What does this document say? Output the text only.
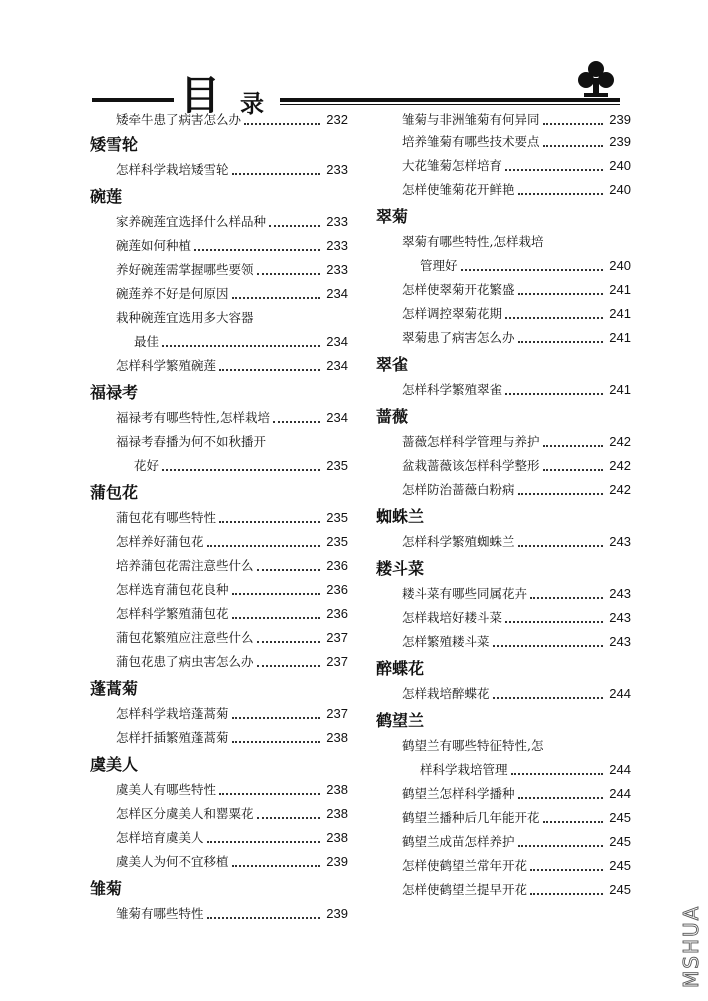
目 录
矮牵牛患了病害怎么办	232
矮雪轮
怎样科学栽培矮雪轮	233
碗莲
家养碗莲宜选择什么样品种	233
碗莲如何种植	233
养好碗莲需掌握哪些要领	233
碗莲养不好是何原因	234
栽种碗莲宜选用多大容器
最佳	234
怎样科学繁殖碗莲	234
福禄考
福禄考有哪些特性,怎样栽培	234
福禄考春播为何不如秋播开
花好	235
蒲包花
蒲包花有哪些特性	235
怎样养好蒲包花	235
培养蒲包花需注意些什么	236
怎样选育蒲包花良种	236
怎样科学繁殖蒲包花	236
蒲包花繁殖应注意些什么	237
蒲包花患了病虫害怎么办	237
蓬蒿菊
怎样科学栽培蓬蒿菊	237
怎样扦插繁殖蓬蒿菊	238
虞美人
虞美人有哪些特性	238
怎样区分虞美人和罂粟花	238
怎样培育虞美人	238
虞美人为何不宜移植	239
雏菊
雏菊有哪些特性	239
雏菊与非洲雏菊有何异同	239
培养雏菊有哪些技术要点	239
大花雏菊怎样培育	240
怎样使雏菊花开鲜艳	240
翠菊
翠菊有哪些特性,怎样栽培
管理好	240
怎样使翠菊开花繁盛	241
怎样调控翠菊花期	241
翠菊患了病害怎么办	241
翠雀
怎样科学繁殖翠雀	241
蔷薇
蔷薇怎样科学管理与养护	242
盆栽蔷薇该怎样科学整形	242
怎样防治蔷薇白粉病	242
蜘蛛兰
怎样科学繁殖蜘蛛兰	243
耧斗菜
耧斗菜有哪些同属花卉	243
怎样栽培好耧斗菜	243
怎样繁殖耧斗菜	243
醉蝶花
怎样栽培醉蝶花	244
鹤望兰
鹤望兰有哪些特征特性,怎
样科学栽培管理	244
鹤望兰怎样科学播种	244
鹤望兰播种后几年能开花	245
鹤望兰成苗怎样养护	245
怎样使鹤望兰常年开花	245
怎样使鹤望兰提早开花	245
MSHUA
